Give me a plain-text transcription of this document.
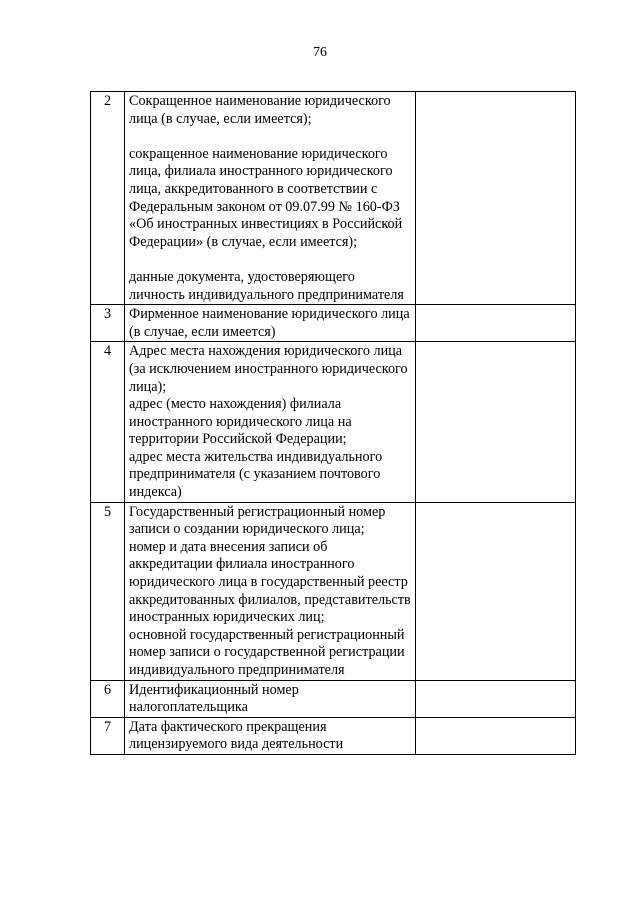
76
2	Сокращенное наименование юридического лица (в случае, если имеется);
сокращенное наименование юридического лица, филиала иностранного юридического лица, аккредитованного в соответствии с Федеральным законом от 09.07.99 № 160-ФЗ «Об иностранных инвестициях в Российской Федерации» (в случае, если имеется);
данные документа, удостоверяющего личность индивидуального предпринимателя	

3	Фирменное наименование юридического лица (в случае, если имеется)	

4	Адрес места нахождения юридического лица (за исключением иностранного юридического лица);
адрес (место нахождения) филиала иностранного юридического лица на территории Российской Федерации;
адрес места жительства индивидуального предпринимателя (с указанием почтового индекса)	

5	Государственный регистрационный номер записи о создании юридического лица;
номер и дата внесения записи об аккредитации филиала иностранного юридического лица в государственный реестр аккредитованных филиалов, представительств иностранных юридических лиц;
основной государственный регистрационный номер записи о государственной регистрации индивидуального предпринимателя	

6	Идентификационный номер налогоплательщика	

7	Дата фактического прекращения лицензируемого вида деятельности	
